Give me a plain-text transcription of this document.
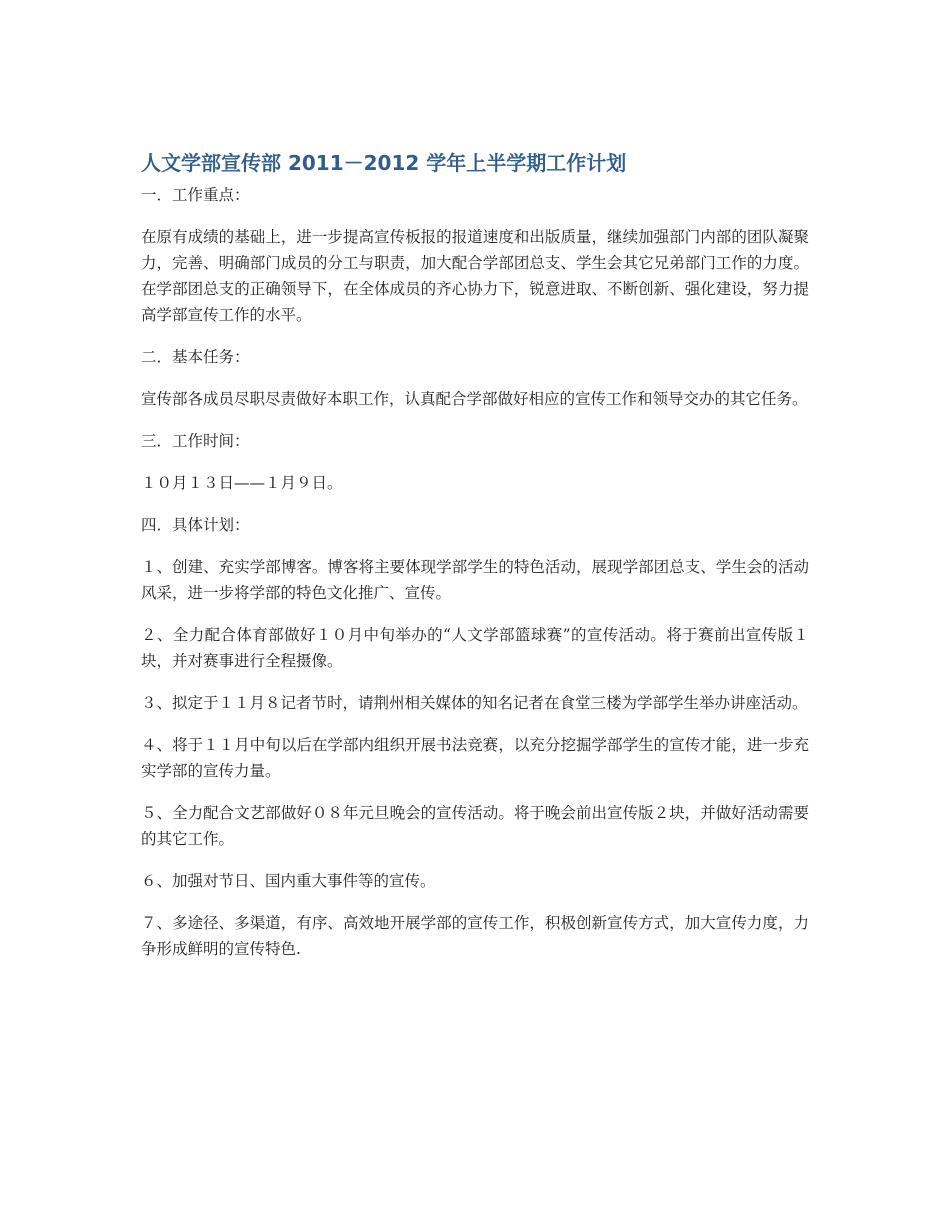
人文学部宣传部 2011－2012 学年上半学期工作计划

一．工作重点：

在原有成绩的基础上，进一步提高宣传板报的报道速度和出版质量，继续加强部门内部的团队凝聚力，完善、明确部门成员的分工与职责，加大配合学部团总支、学生会其它兄弟部门工作的力度。在学部团总支的正确领导下，在全体成员的齐心协力下，锐意进取、不断创新、强化建设，努力提高学部宣传工作的水平。

二．基本任务：

宣传部各成员尽职尽责做好本职工作，认真配合学部做好相应的宣传工作和领导交办的其它任务。

三．工作时间：

１０月１３日——１月９日。

四．具体计划：

１、创建、充实学部博客。博客将主要体现学部学生的特色活动，展现学部团总支、学生会的活动风采，进一步将学部的特色文化推广、宣传。

２、全力配合体育部做好１０月中旬举办的“人文学部篮球赛”的宣传活动。将于赛前出宣传版１块，并对赛事进行全程摄像。

３、拟定于１１月８记者节时，请荆州相关媒体的知名记者在食堂三楼为学部学生举办讲座活动。

４、将于１１月中旬以后在学部内组织开展书法竞赛，以充分挖掘学部学生的宣传才能，进一步充实学部的宣传力量。

５、全力配合文艺部做好０８年元旦晚会的宣传活动。将于晚会前出宣传版２块，并做好活动需要的其它工作。

６、加强对节日、国内重大事件等的宣传。

７、多途径、多渠道，有序、高效地开展学部的宣传工作，积极创新宣传方式，加大宣传力度，力争形成鲜明的宣传特色.
